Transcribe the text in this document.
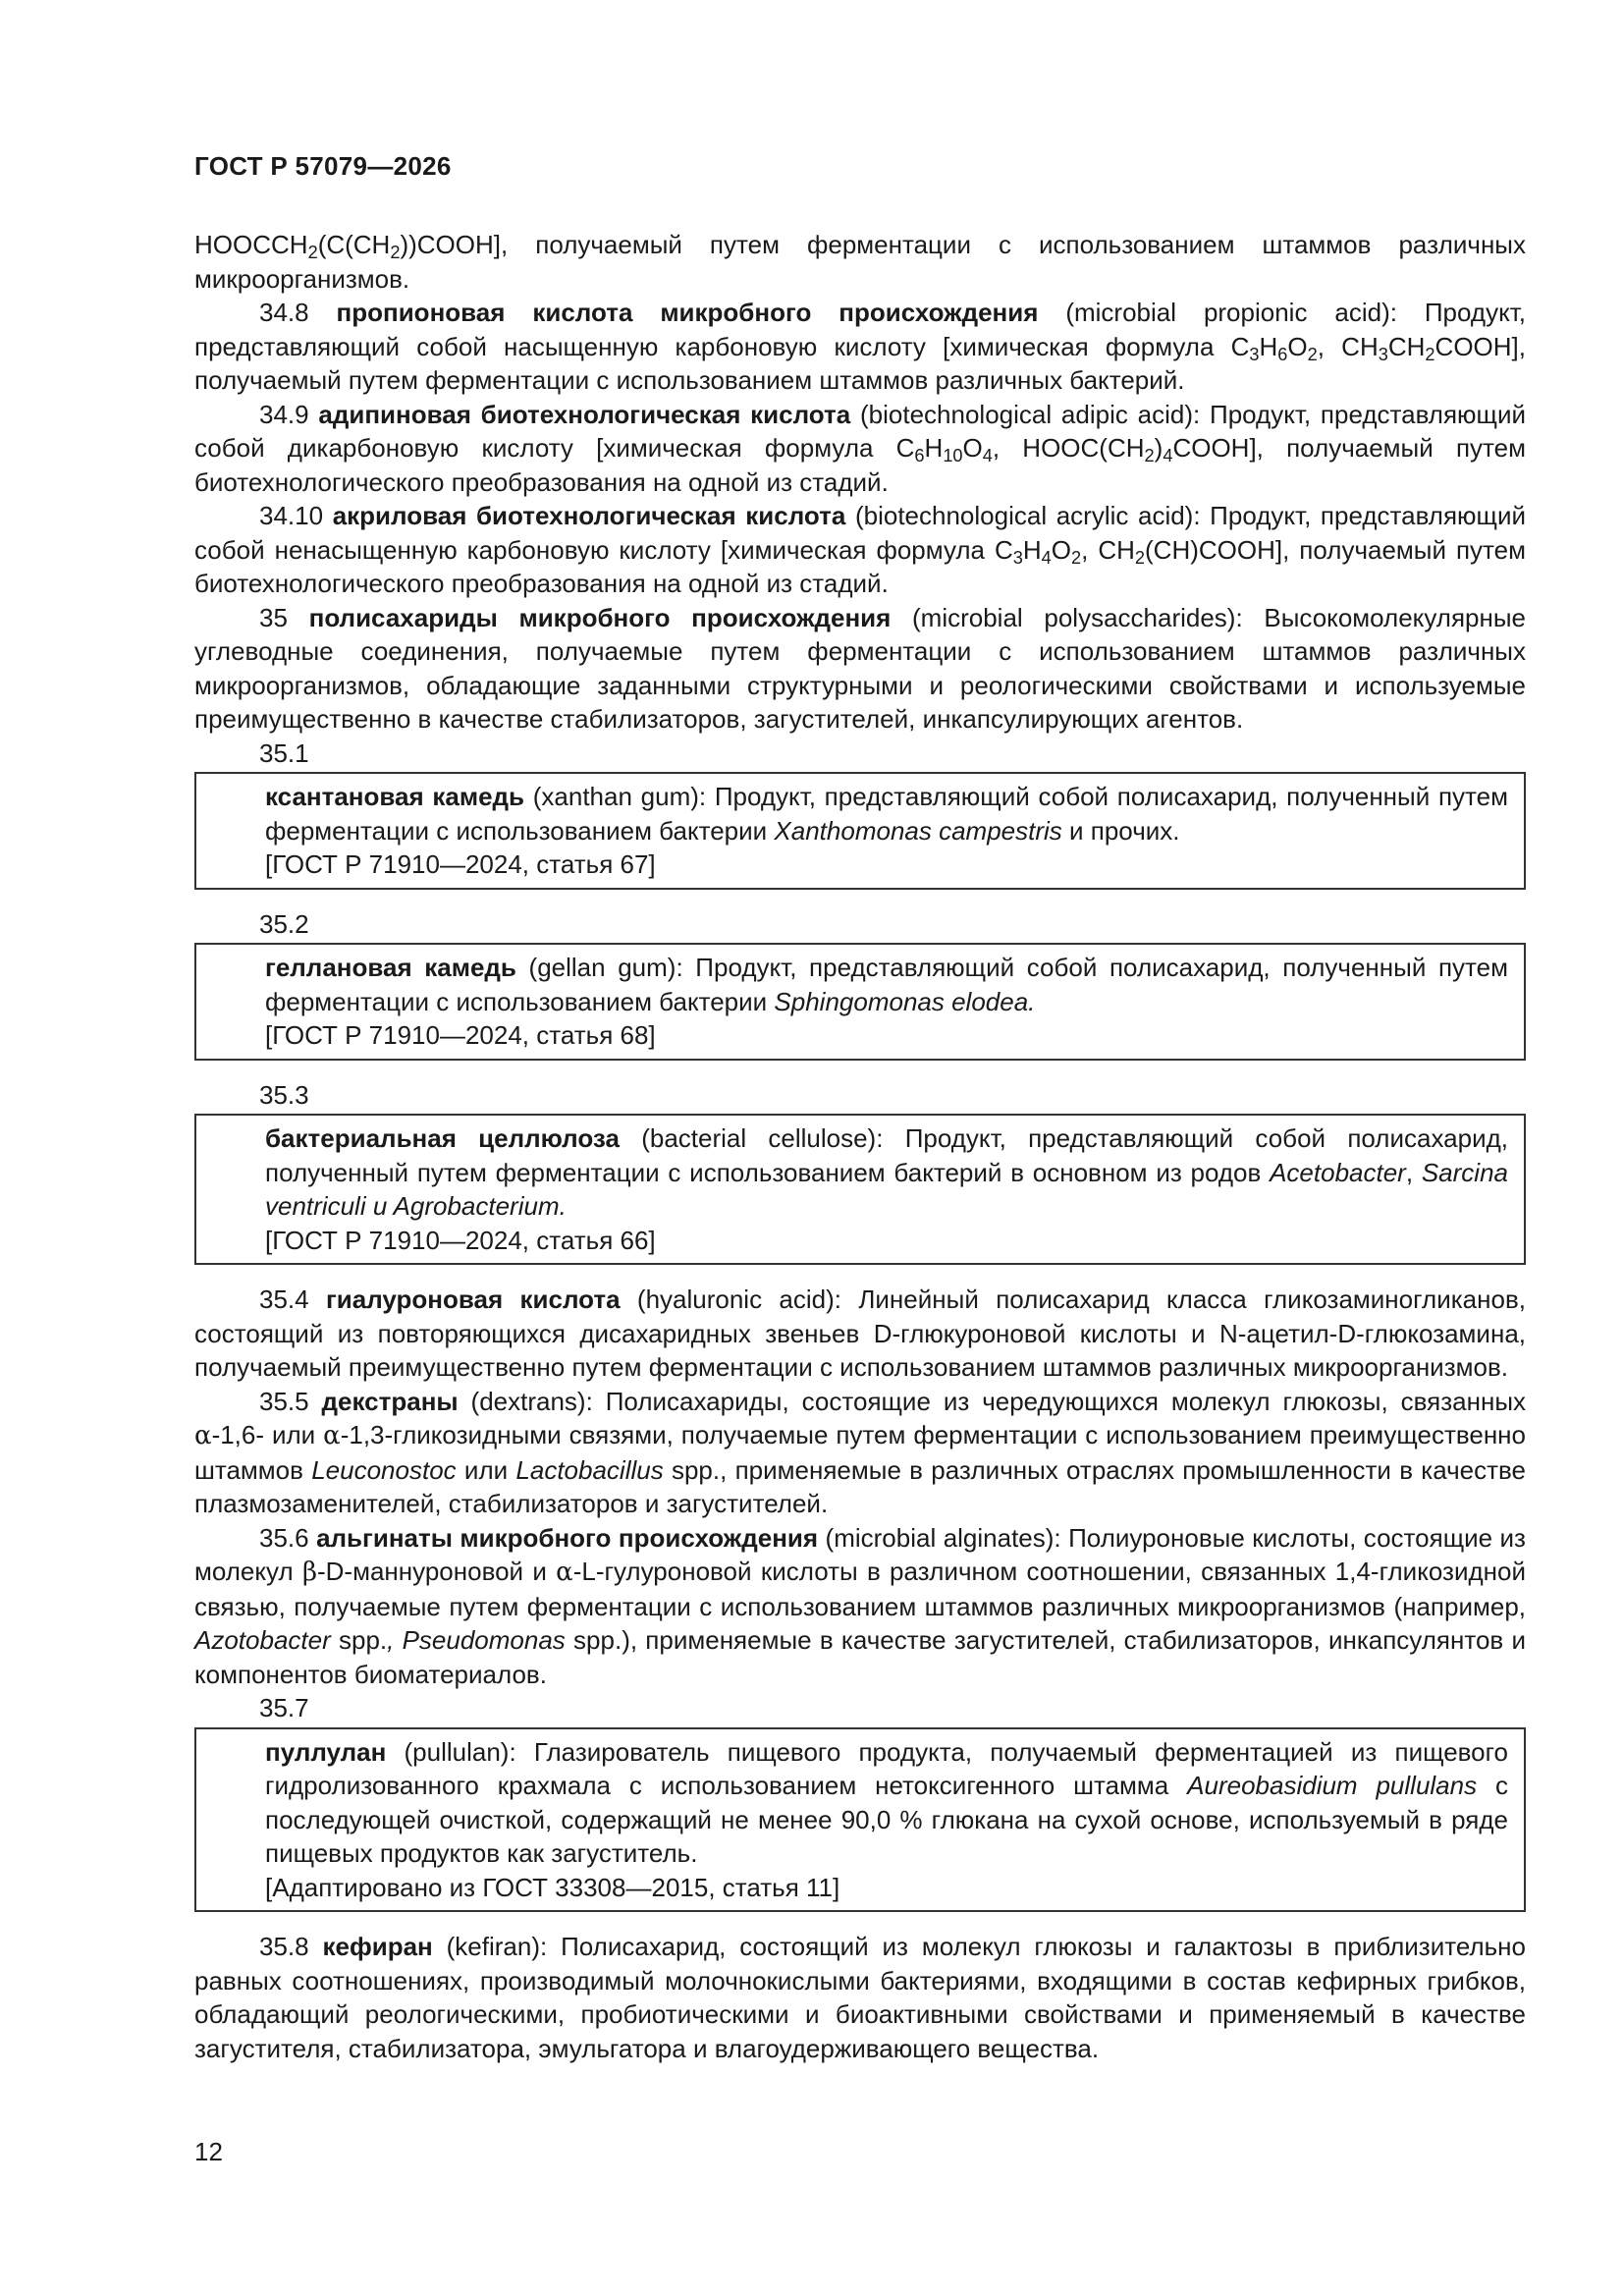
ГОСТ Р 57079—2026

$HOOCCH_2(C(CH_2))COOH$], получаемый путем ферментации с использованием штаммов различных микроорганизмов.

34.8 пропионовая кислота микробного происхождения (microbial propionic acid): Продукт, представляющий собой насыщенную карбоновую кислоту [химическая формула $C_3H_6O_2$, $CH_3CH_2COOH$], получаемый путем ферментации с использованием штаммов различных бактерий.

34.9 адипиновая биотехнологическая кислота (biotechnological adipic acid): Продукт, представляющий собой дикарбоновую кислоту [химическая формула $C_6H_{10}O_4$, $HOOC(CH_2)_4COOH$], получаемый путем биотехнологического преобразования на одной из стадий.

34.10 акриловая биотехнологическая кислота (biotechnological acrylic acid): Продукт, представляющий собой ненасыщенную карбоновую кислоту [химическая формула $C_3H_4O_2$, $CH_2(CH)COOH$], получаемый путем биотехнологического преобразования на одной из стадий.

35 полисахариды микробного происхождения (microbial polysaccharides): Высокомолекулярные углеводные соединения, получаемые путем ферментации с использованием штаммов различных микроорганизмов, обладающие заданными структурными и реологическими свойствами и используемые преимущественно в качестве стабилизаторов, загустителей, инкапсулирующих агентов.

35.1

ксантановая камедь (xanthan gum): Продукт, представляющий собой полисахарид, полученный путем ферментации с использованием бактерии Xanthomonas campestris и прочих.

[ГОСТ Р 71910—2024, статья 67]

35.2

геллановая камедь (gellan gum): Продукт, представляющий собой полисахарид, полученный путем ферментации с использованием бактерии Sphingomonas elodea.

[ГОСТ Р 71910—2024, статья 68]

35.3

бактериальная целлюлоза (bacterial cellulose): Продукт, представляющий собой полисахарид, полученный путем ферментации с использованием бактерий в основном из родов Acetobacter, Sarcina ventriculi u Agrobacterium.

[ГОСТ Р 71910—2024, статья 66]

35.4 гиалуроновая кислота (hyaluronic acid): Линейный полисахарид класса гликозаминогликанов, состоящий из повторяющихся дисахаридных звеньев D-глюкуроновой кислоты и N-ацетил-D-глюкозамина, получаемый преимущественно путем ферментации с использованием штаммов различных микроорганизмов.

35.5 декстраны (dextrans): Полисахариды, состоящие из чередующихся молекул глюкозы, связанных α-1,6- или α-1,3-гликозидными связями, получаемые путем ферментации с использованием преимущественно штаммов Leuconostoc или Lactobacillus spp., применяемые в различных отраслях промышленности в качестве плазмозаменителей, стабилизаторов и загустителей.

35.6 альгинаты микробного происхождения (microbial alginates): Полиуроновые кислоты, состоящие из молекул β-D-маннуроновой и α-L-гулуроновой кислоты в различном соотношении, связанных 1,4-гликозидной связью, получаемые путем ферментации с использованием штаммов различных микроорганизмов (например, Azotobacter spp., Pseudomonas spp.), применяемые в качестве загустителей, стабилизаторов, инкапсулянтов и компонентов биоматериалов.

35.7

пуллулан (pullulan): Глазирователь пищевого продукта, получаемый ферментацией из пищевого гидролизованного крахмала с использованием нетоксигенного штамма Aureobasidium pullulans с последующей очисткой, содержащий не менее 90,0 % глюкана на сухой основе, используемый в ряде пищевых продуктов как загуститель.

[Адаптировано из ГОСТ 33308—2015, статья 11]

35.8 кефиран (kefiran): Полисахарид, состоящий из молекул глюкозы и галактозы в приблизительно равных соотношениях, производимый молочнокислыми бактериями, входящими в состав кефирных грибков, обладающий реологическими, пробиотическими и биоактивными свойствами и применяемый в качестве загустителя, стабилизатора, эмульгатора и влагоудерживающего вещества.

12
